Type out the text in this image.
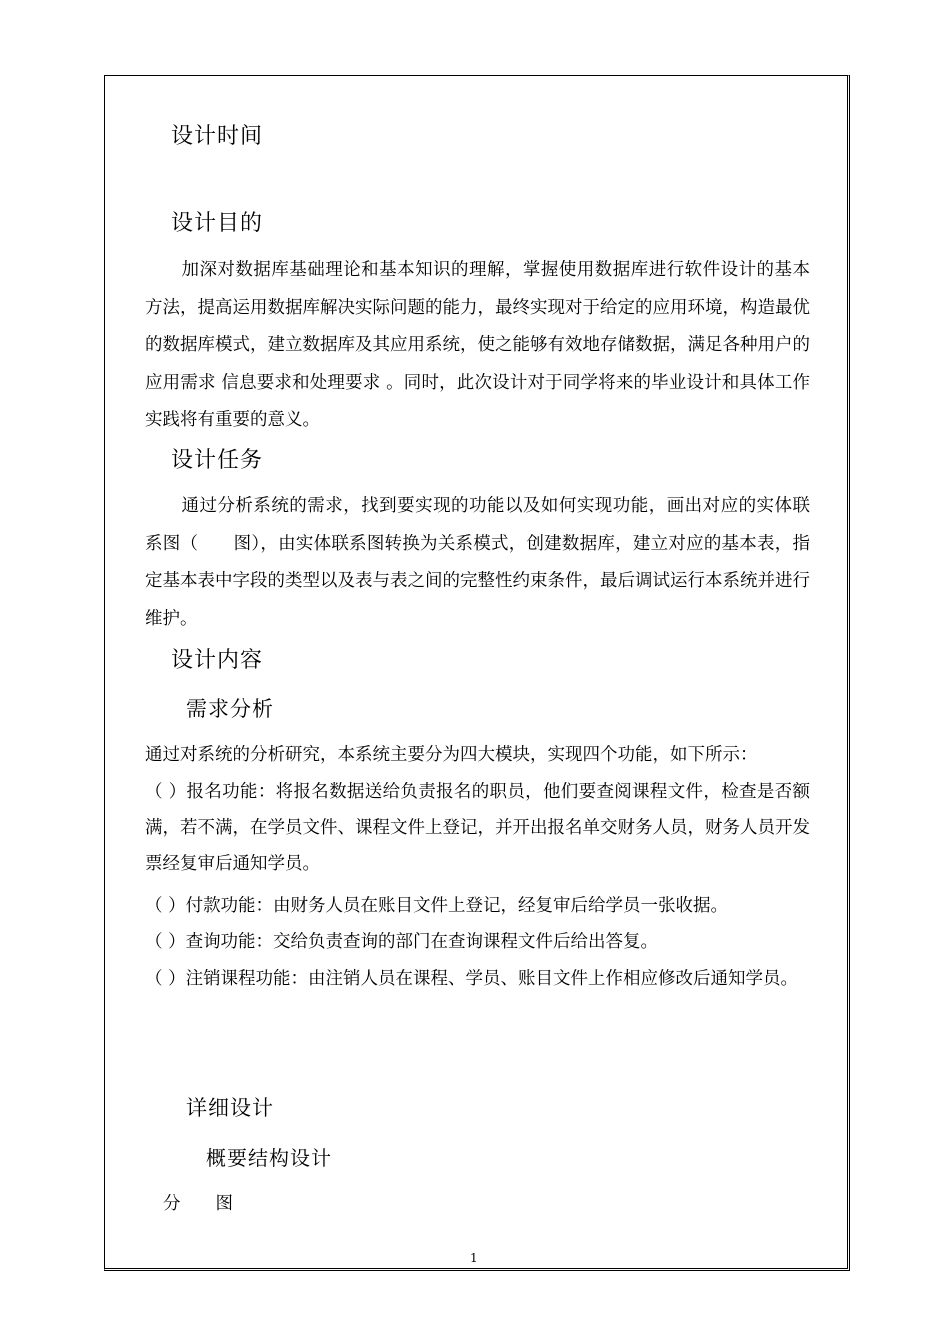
设计时间
设计目的
加深对数据库基础理论和基本知识的理解，掌握使用数据库进行软件设计的基本方法，提高运用数据库解决实际问题的能力，最终实现对于给定的应用环境，构造最优的数据库模式，建立数据库及其应用系统，使之能够有效地存储数据，满足各种用户的应用需求 信息要求和处理要求 。同时，此次设计对于同学将来的毕业设计和具体工作实践将有重要的意义。
设计任务
通过分析系统的需求，找到要实现的功能以及如何实现功能，画出对应的实体联系图（　　图），由实体联系图转换为关系模式，创建数据库，建立对应的基本表，指定基本表中字段的类型以及表与表之间的完整性约束条件，最后调试运行本系统并进行维护。
设计内容
需求分析
通过对系统的分析研究，本系统主要分为四大模块，实现四个功能，如下所示：
（ ）报名功能：将报名数据送给负责报名的职员，他们要查阅课程文件，检查是否额满，若不满，在学员文件、课程文件上登记，并开出报名单交财务人员，财务人员开发票经复审后通知学员。
（ ）付款功能：由财务人员在账目文件上登记，经复审后给学员一张收据。
（ ）查询功能：交给负责查询的部门在查询课程文件后给出答复。
（ ）注销课程功能：由注销人员在课程、学员、账目文件上作相应修改后通知学员。
详细设计
概要结构设计
分　　图
1
